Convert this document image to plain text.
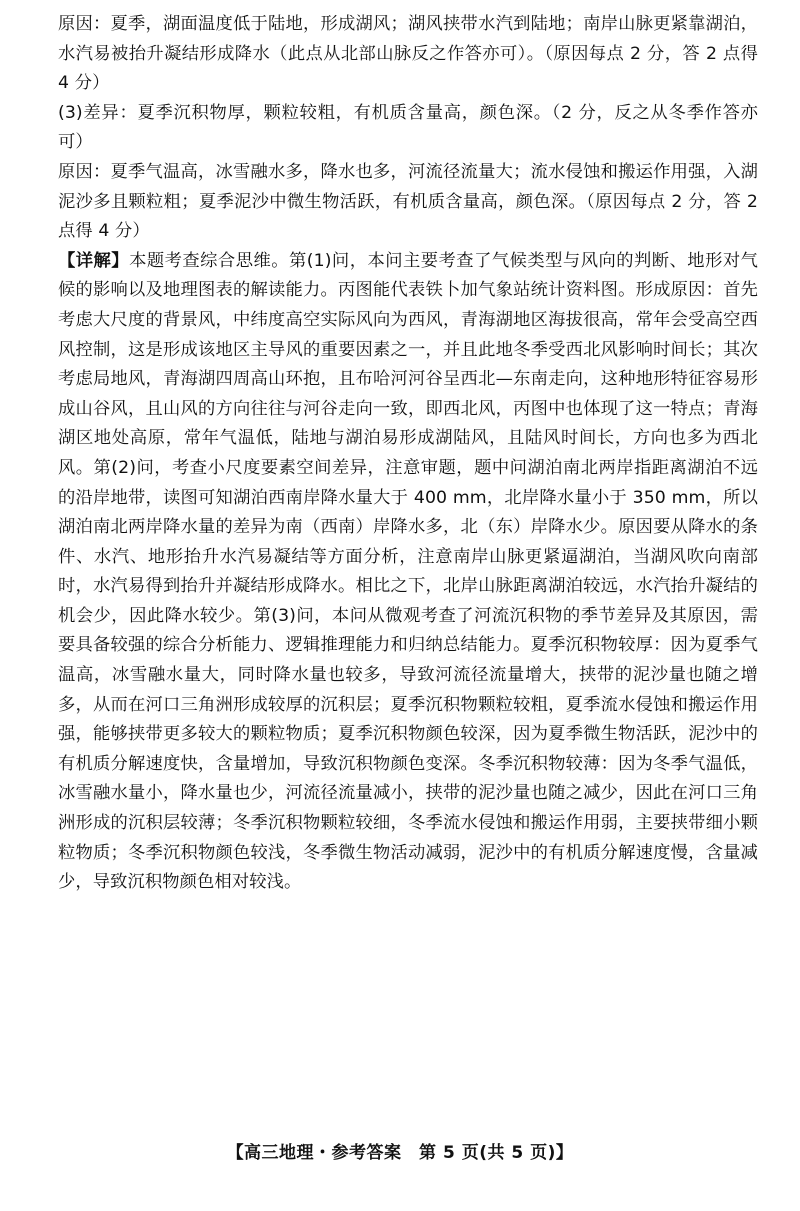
原因：夏季，湖面温度低于陆地，形成湖风；湖风挟带水汽到陆地；南岸山脉更紧靠湖泊，水汽易被抬升凝结形成降水（此点从北部山脉反之作答亦可）。（原因每点 2 分，答 2 点得 4 分）

(3)差异：夏季沉积物厚，颗粒较粗，有机质含量高，颜色深。（2 分，反之从冬季作答亦可）

原因：夏季气温高，冰雪融水多，降水也多，河流径流量大；流水侵蚀和搬运作用强，入湖泥沙多且颗粒粗；夏季泥沙中微生物活跃，有机质含量高，颜色深。（原因每点 2 分，答 2 点得 4 分）

【详解】本题考查综合思维。第(1)问，本问主要考查了气候类型与风向的判断、地形对气候的影响以及地理图表的解读能力。丙图能代表铁卜加气象站统计资料图。形成原因：首先考虑大尺度的背景风，中纬度高空实际风向为西风，青海湖地区海拔很高，常年会受高空西风控制，这是形成该地区主导风的重要因素之一，并且此地冬季受西北风影响时间长；其次考虑局地风，青海湖四周高山环抱，且布哈河河谷呈西北—东南走向，这种地形特征容易形成山谷风，且山风的方向往往与河谷走向一致，即西北风，丙图中也体现了这一特点；青海湖区地处高原，常年气温低，陆地与湖泊易形成湖陆风，且陆风时间长，方向也多为西北风。第(2)问，考查小尺度要素空间差异，注意审题，题中问湖泊南北两岸指距离湖泊不远的沿岸地带，读图可知湖泊西南岸降水量大于 400 mm，北岸降水量小于 350 mm，所以湖泊南北两岸降水量的差异为南（西南）岸降水多，北（东）岸降水少。原因要从降水的条件、水汽、地形抬升水汽易凝结等方面分析，注意南岸山脉更紧逼湖泊，当湖风吹向南部时，水汽易得到抬升并凝结形成降水。相比之下，北岸山脉距离湖泊较远，水汽抬升凝结的机会少，因此降水较少。第(3)问，本问从微观考查了河流沉积物的季节差异及其原因，需要具备较强的综合分析能力、逻辑推理能力和归纳总结能力。夏季沉积物较厚：因为夏季气温高，冰雪融水量大，同时降水量也较多，导致河流径流量增大，挟带的泥沙量也随之增多，从而在河口三角洲形成较厚的沉积层；夏季沉积物颗粒较粗，夏季流水侵蚀和搬运作用强，能够挟带更多较大的颗粒物质；夏季沉积物颜色较深，因为夏季微生物活跃，泥沙中的有机质分解速度快，含量增加，导致沉积物颜色变深。冬季沉积物较薄：因为冬季气温低，冰雪融水量小，降水量也少，河流径流量减小，挟带的泥沙量也随之减少，因此在河口三角洲形成的沉积层较薄；冬季沉积物颗粒较细，冬季流水侵蚀和搬运作用弱，主要挟带细小颗粒物质；冬季沉积物颜色较浅，冬季微生物活动减弱，泥沙中的有机质分解速度慢，含量减少，导致沉积物颜色相对较浅。

【高三地理・参考答案　第 5 页(共 5 页)】
